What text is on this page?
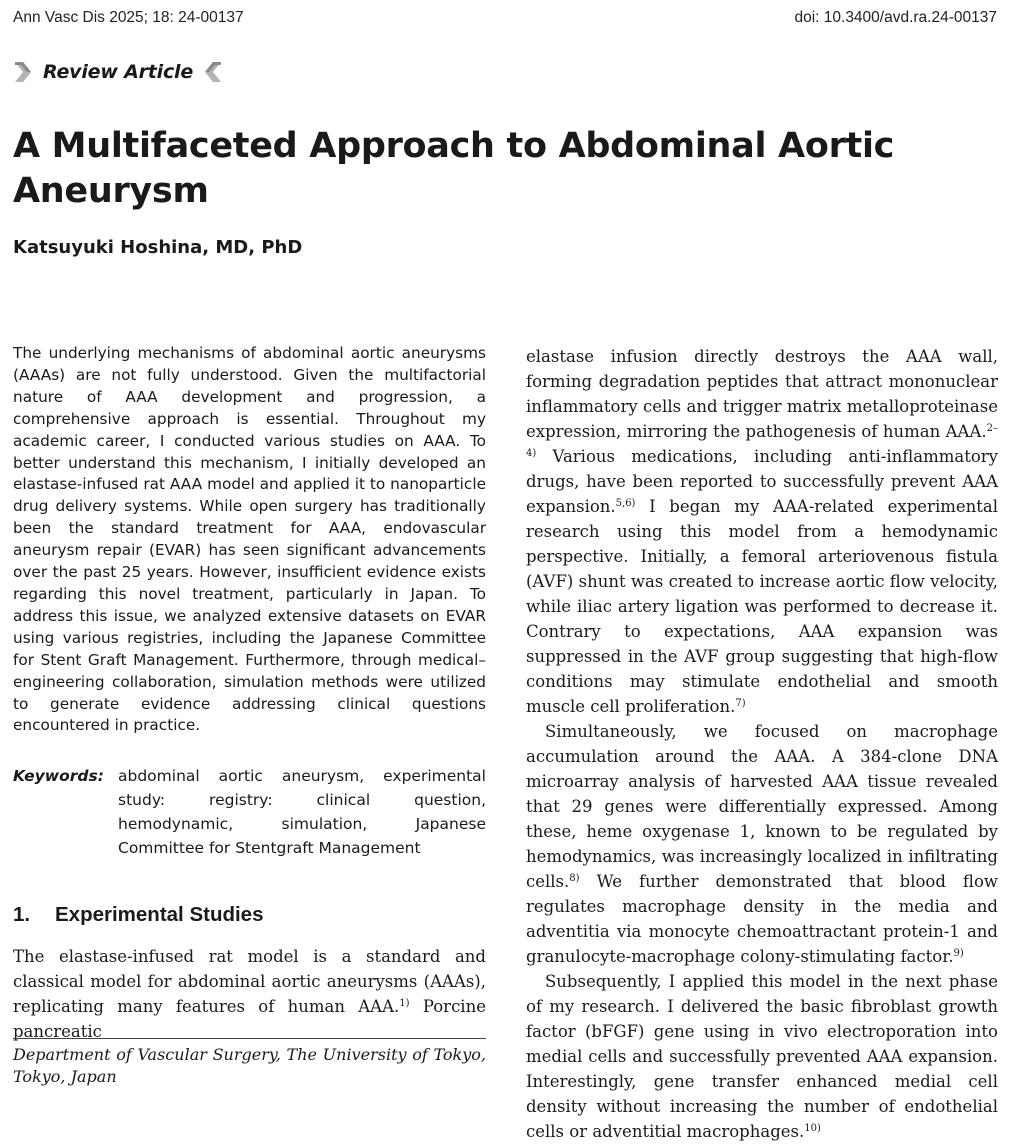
Ann Vasc Dis 2025; 18: 24-00137	doi: 10.3400/avd.ra.24-00137
Review Article
A Multifaceted Approach to Abdominal Aortic Aneurysm
Katsuyuki Hoshina, MD, PhD

The underlying mechanisms of abdominal aortic aneurysms (AAAs) are not fully understood. Given the multifactorial nature of AAA development and progression, a comprehensive approach is essential. Throughout my academic career, I conducted various studies on AAA. To better understand this mechanism, I initially developed an elastase-infused rat AAA model and applied it to nanoparticle drug delivery systems. While open surgery has traditionally been the standard treatment for AAA, endovascular aneurysm repair (EVAR) has seen significant advancements over the past 25 years. However, insufficient evidence exists regarding this novel treatment, particularly in Japan. To address this issue, we analyzed extensive datasets on EVAR using various registries, including the Japanese Committee for Stent Graft Management. Furthermore, through medical–engineering collaboration, simulation methods were utilized to generate evidence addressing clinical questions encountered in practice.

Keywords: abdominal aortic aneurysm, experimental study: registry: clinical question, hemodynamic, simulation, Japanese Committee for Stentgraft Management
1. Experimental Studies

The elastase-infused rat model is a standard and classical model for abdominal aortic aneurysms (AAAs), replicating many features of human AAA.$^{1)}$ Porcine pancreatic

Department of Vascular Surgery, The University of Tokyo, Tokyo, Japan

elastase infusion directly destroys the AAA wall, forming degradation peptides that attract mononuclear inflammatory cells and trigger matrix metalloproteinase expression, mirroring the pathogenesis of human AAA.$^{2-4)}$ Various medications, including anti-inflammatory drugs, have been reported to successfully prevent AAA expansion.$^{5,6)}$ I began my AAA-related experimental research using this model from a hemodynamic perspective. Initially, a femoral arteriovenous fistula (AVF) shunt was created to increase aortic flow velocity, while iliac artery ligation was performed to decrease it. Contrary to expectations, AAA expansion was suppressed in the AVF group suggesting that high-flow conditions may stimulate endothelial and smooth muscle cell proliferation.$^{7)}$

Simultaneously, we focused on macrophage accumulation around the AAA. A 384-clone DNA microarray analysis of harvested AAA tissue revealed that 29 genes were differentially expressed. Among these, heme oxygenase 1, known to be regulated by hemodynamics, was increasingly localized in infiltrating cells.$^{8)}$ We further demonstrated that blood flow regulates macrophage density in the media and adventitia via monocyte chemoattractant protein-1 and granulocyte-macrophage colony-stimulating factor.$^{9)}$

Subsequently, I applied this model in the next phase of my research. I delivered the basic fibroblast growth factor (bFGF) gene using in vivo electroporation into medial cells and successfully prevented AAA expansion. Interestingly, gene transfer enhanced medial cell density without increasing the number of endothelial cells or adventitial macrophages.$^{10)}$
